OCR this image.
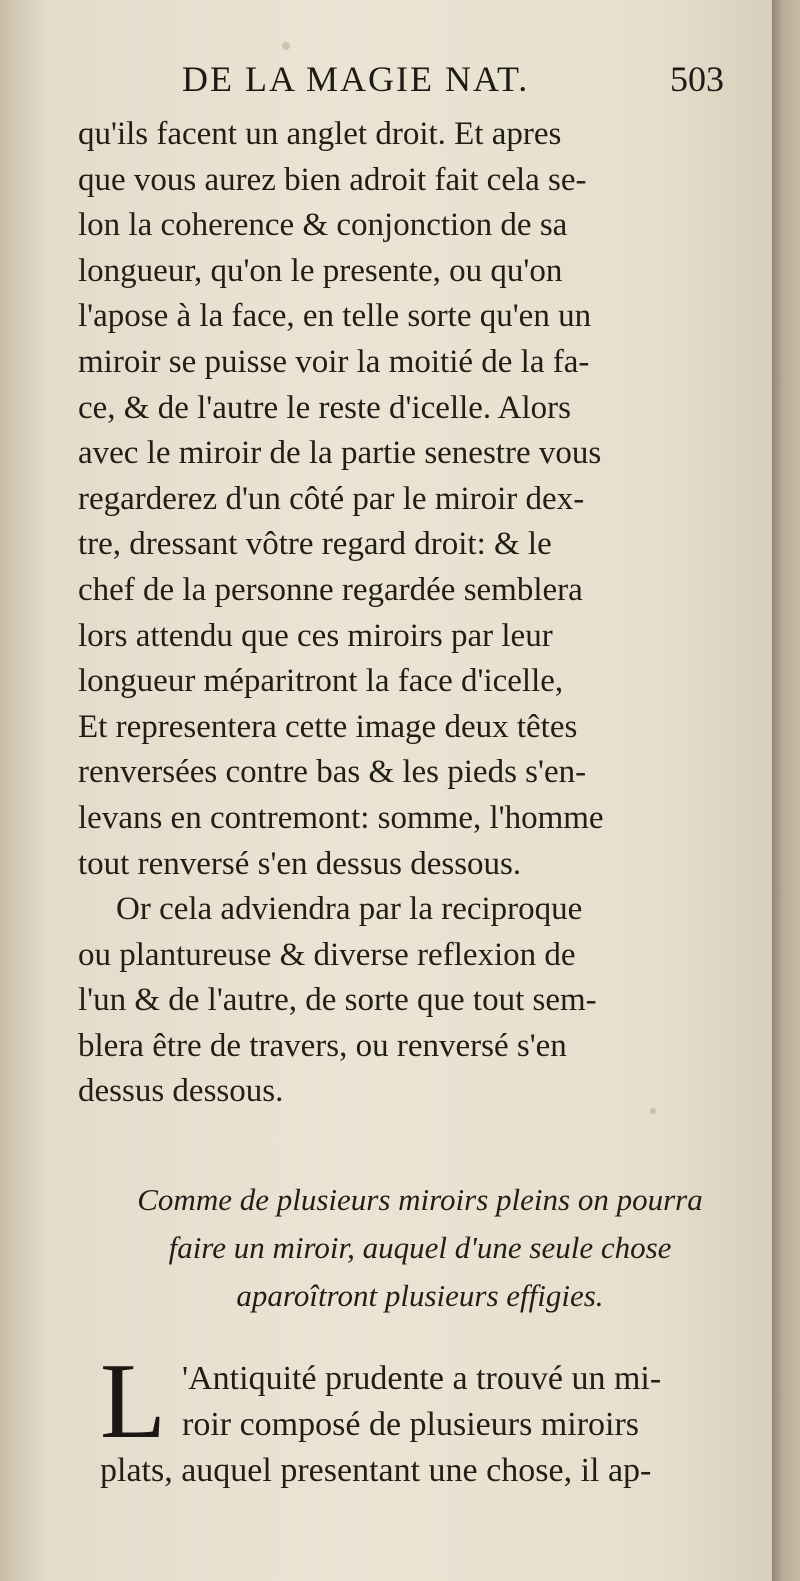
DE LA MAGIE NAT.	503
qu'ils facent un anglet droit. Et apres
que vous aurez bien adroit fait cela se-
lon la coherence & conjonction de sa
longueur, qu'on le presente, ou qu'on
l'apose à la face, en telle sorte qu'en un
miroir se puisse voir la moitié de la fa-
ce, & de l'autre le reste d'icelle. Alors
avec le miroir de la partie senestre vous
regarderez d'un côté par le miroir dex-
tre, dressant vôtre regard droit: & le
chef de la personne regardée semblera
lors attendu que ces miroirs par leur
longueur méparitront la face d'icelle,
Et representera cette image deux têtes
renversées contre bas & les pieds s'en-
levans en contremont: somme, l'homme
tout renversé s'en dessus dessous.
Or cela adviendra par la reciproque
ou plantureuse & diverse reflexion de
l'un & de l'autre, de sorte que tout sem-
blera être de travers, ou renversé s'en
dessus dessous.
Comme de plusieurs miroirs pleins on pourra
faire un miroir, auquel d'une seule chose
aparoîtront plusieurs effigies.
L 'Antiquité prudente a trouvé un mi-
roir composé de plusieurs miroirs
plats, auquel presentant une chose, il ap-
